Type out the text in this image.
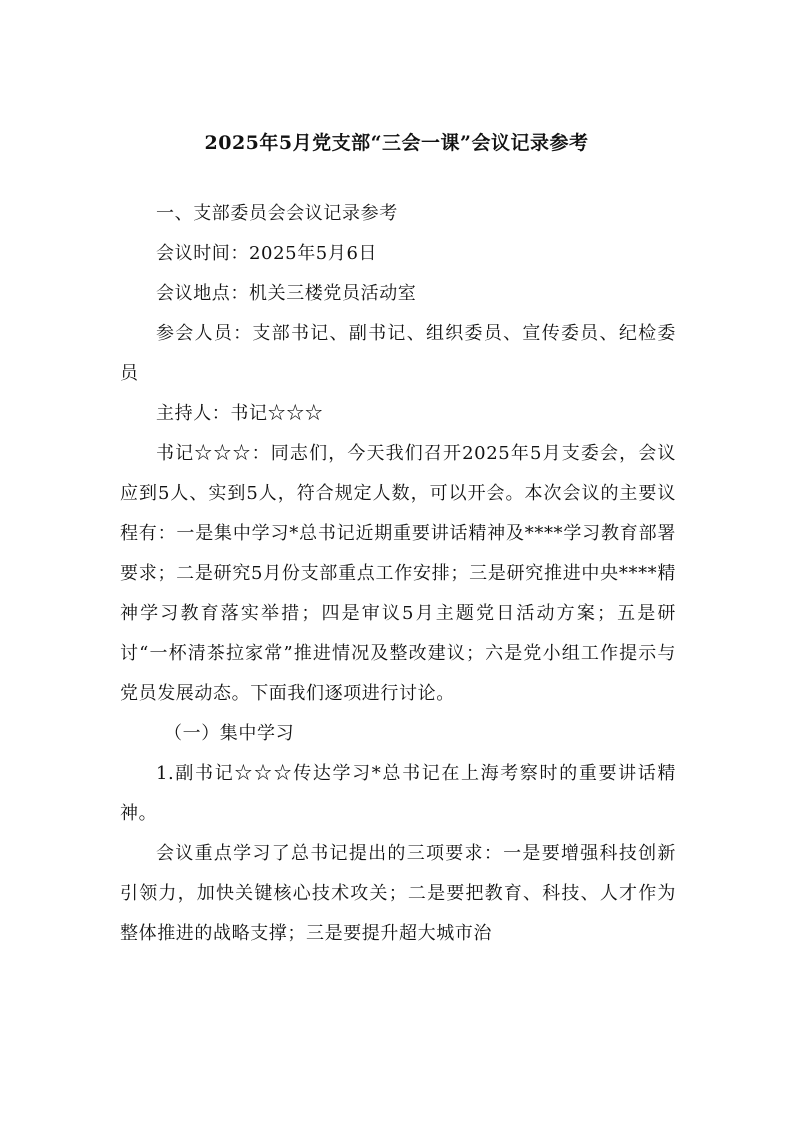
2025年5月党支部“三会一课”会议记录参考

一、支部委员会会议记录参考

会议时间：2025年5月6日

会议地点：机关三楼党员活动室

参会人员：支部书记、副书记、组织委员、宣传委员、纪检委员

主持人：书记☆☆☆

书记☆☆☆：同志们，今天我们召开2025年5月支委会，会议应到5人、实到5人，符合规定人数，可以开会。本次会议的主要议程有：一是集中学习*总书记近期重要讲话精神及****学习教育部署要求；二是研究5月份支部重点工作安排；三是研究推进中央****精神学习教育落实举措；四是审议5月主题党日活动方案；五是研讨“一杯清茶拉家常”推进情况及整改建议；六是党小组工作提示与党员发展动态。下面我们逐项进行讨论。

（一）集中学习

1.副书记☆☆☆传达学习*总书记在上海考察时的重要讲话精神。

会议重点学习了总书记提出的三项要求：一是要增强科技创新引领力，加快关键核心技术攻关；二是要把教育、科技、人才作为整体推进的战略支撑；三是要提升超大城市治
